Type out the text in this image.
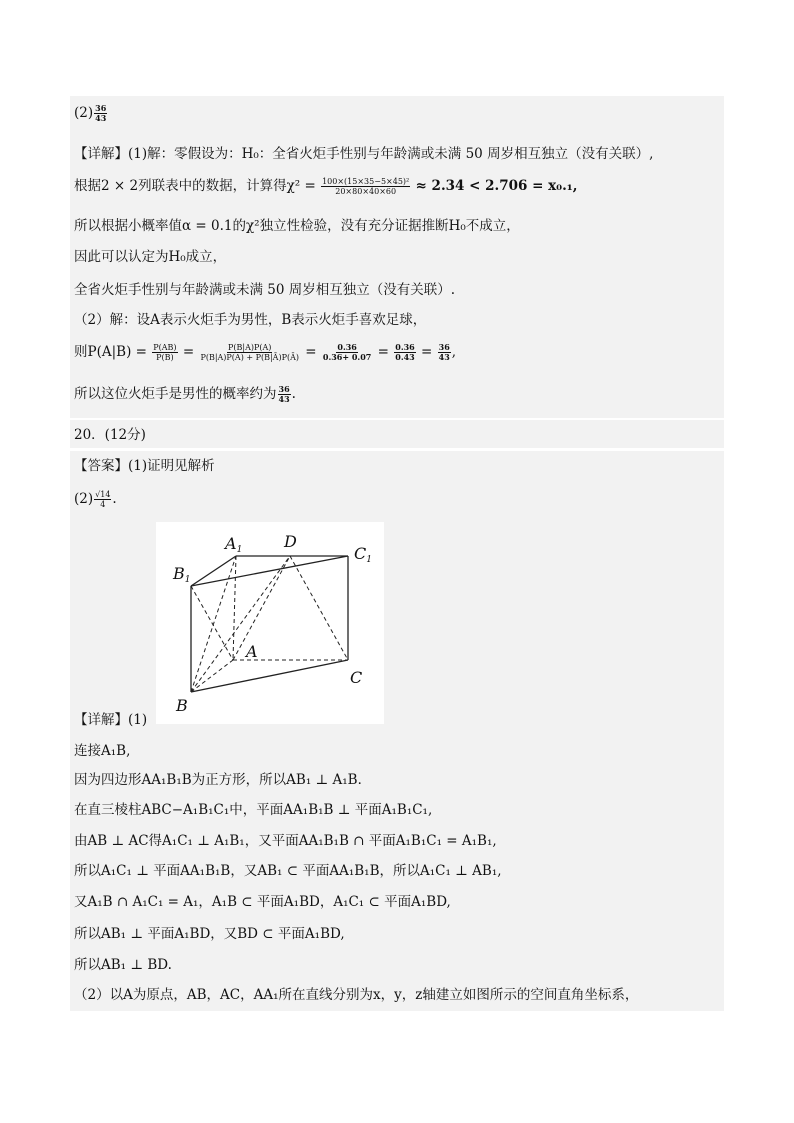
$(2) \frac{36}{43}$
【详解】(1)解：零假设为：H₀：全省火炬手性别与年龄满或未满 50 周岁相互独立（没有关联）,
根据2 × 2列联表中的数据，计算得$\chi^2 = \frac{\text{100×(15×35−5×45)²}}{20\times 80\times 40\times 60} \approx 2.34 < 2.706 = x_0._1$,
所以根据小概率值α = 0.1的χ²独立性检验，没有充分证据推断H₀不成立，
因此可以认定为H₀成立，
全省火炬手性别与年龄满或未满 50 周岁相互独立（没有关联）.
（2）解：设A表示火炬手为男性，B表示火炬手喜欢足球，
则$P(A|B) = \frac{P(AB)}{P(B)} = \frac{P(B|A)P(A)}{P(B|A)P(A) + P(B|Ā)P(Ā)} = \frac{0.36}{0.36+ 0.07} = \frac{0.36}{0.43} = \frac{36}{43}$ ,
所以这位火炬手是男性的概率约为 $\frac{36}{43}$ .
20．(12分)
【答案】(1)证明见解析
$(2) \frac{√14}{4}$ .
$A_1$	D
$C_1$
$B_1$
A
C
B
【详解】(1)
连接A₁B,
因为四边形AA₁B₁B为正方形，所以AB₁ ⊥ A₁B．
在直三棱柱ABC−A₁B₁C₁中，平面AA₁B₁B ⊥ 平面A₁B₁C₁,
由AB ⊥ AC得A₁C₁ ⊥ A₁B₁，又平面AA₁B₁B ∩ 平面A₁B₁C₁ = A₁B₁,
所以A₁C₁ ⊥ 平面AA₁B₁B，又AB₁ ⊂ 平面AA₁B₁B，所以A₁C₁ ⊥ AB₁,
又A₁B ∩ A₁C₁ = A₁，A₁B ⊂ 平面A₁BD，A₁C₁ ⊂ 平面A₁BD,
所以AB₁ ⊥ 平面A₁BD，又BD ⊂ 平面A₁BD,
所以AB₁ ⊥ BD.
（2）以A为原点，AB，AC，AA₁所在直线分别为x，y，z轴建立如图所示的空间直角坐标系，
